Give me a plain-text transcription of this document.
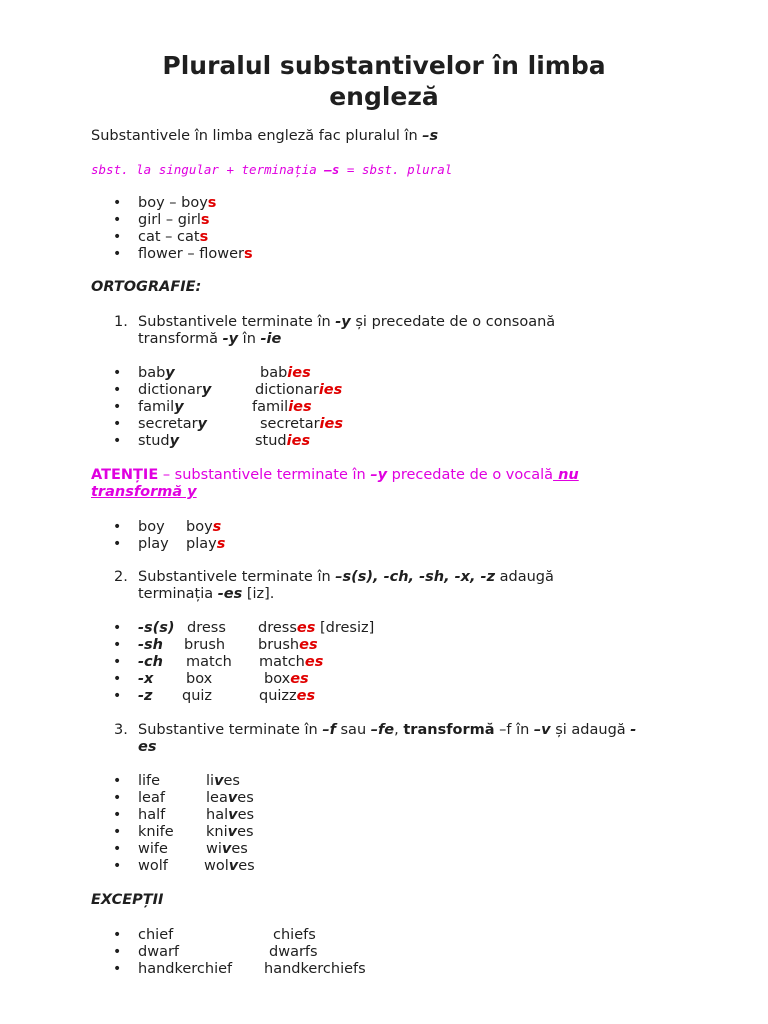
Pluralul substantivelor în limba
engleză
Substantivele în limba engleză fac pluralul în –s
sbst. la singular + terminația –s = sbst. plural
• boy – boys
• girl – girls
• cat – cats
• flower – flowers
ORTOGRAFIE:
1. Substantivele terminate în -y și precedate de o consoană
transformă -y în -ie
• baby	babies
• dictionary	dictionaries
• family	families
• secretary	secretaries
• study	studies
ATENȚIE – substantivele terminate în –y precedate de o vocală nu
transformă y
• boy boys
• play plays
2. Substantivele terminate în –s(s), -ch, -sh, -x, -z adaugă
terminația -es [iz].
• -s(s) dress dresses [dresiz]
• -sh brush brushes
• -ch match matches
• -x box	boxes
• -z quiz	quizzes
3. Substantive terminate în –f sau –fe, transformă –f în –v și adaugă -
es
• life	lives
• leaf	leaves
• half	halves
• knife knives
• wife	wives
• wolf wolves
EXCEPȚII
• chief	chiefs
• dwarf	dwarfs
• handkerchief handkerchiefs
